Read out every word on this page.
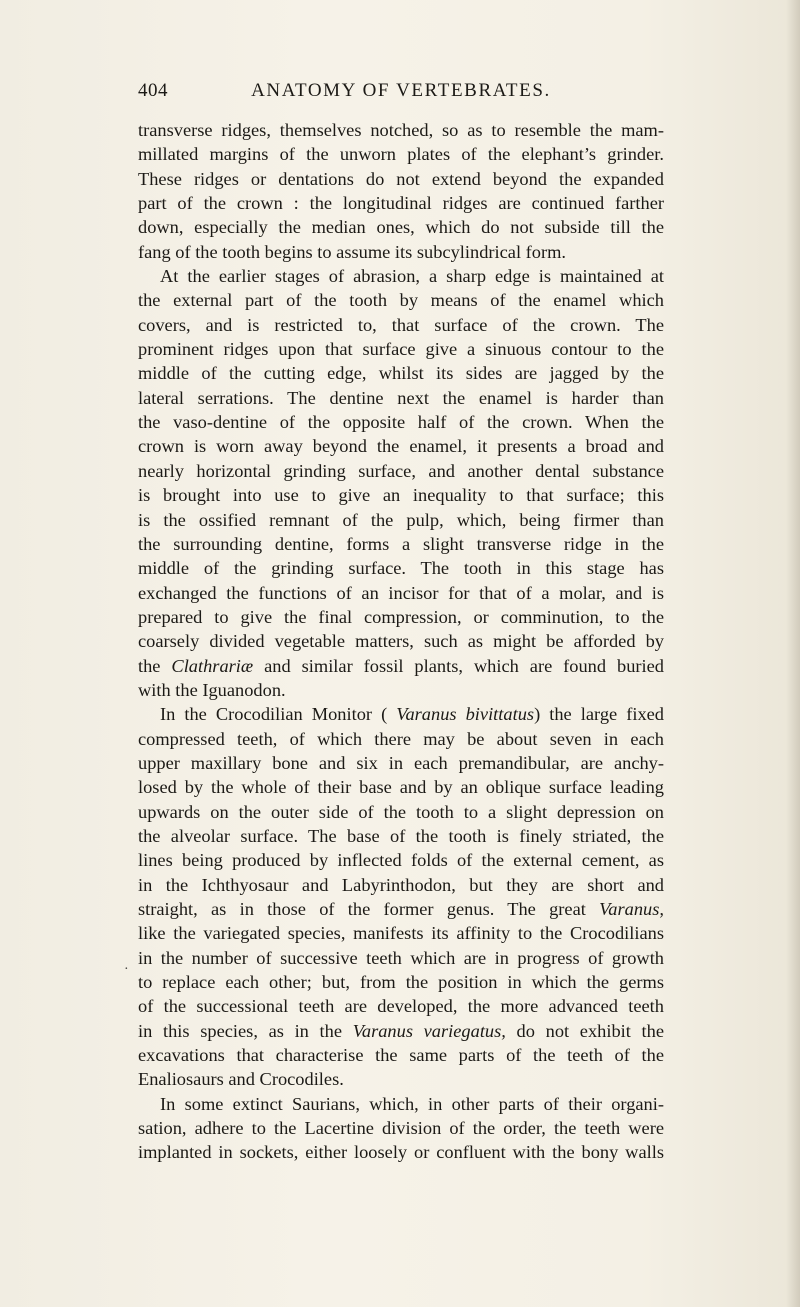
404	ANATOMY OF VERTEBRATES.
·
transverse ridges, themselves notched, so as to resemble the mam-
millated margins of the unworn plates of the elephant’s grinder.
These ridges or dentations do not extend beyond the expanded
part of the crown : the longitudinal ridges are continued farther
down, especially the median ones, which do not subside till the
fang of the tooth begins to assume its subcylindrical form.
At the earlier stages of abrasion, a sharp edge is maintained at
the external part of the tooth by means of the enamel which
covers, and is restricted to, that surface of the crown. The
prominent ridges upon that surface give a sinuous contour to the
middle of the cutting edge, whilst its sides are jagged by the
lateral serrations. The dentine next the enamel is harder than
the vaso-dentine of the opposite half of the crown. When the
crown is worn away beyond the enamel, it presents a broad and
nearly horizontal grinding surface, and another dental substance
is brought into use to give an inequality to that surface; this
is the ossified remnant of the pulp, which, being firmer than
the surrounding dentine, forms a slight transverse ridge in the
middle of the grinding surface. The tooth in this stage has
exchanged the functions of an incisor for that of a molar, and is
prepared to give the final compression, or comminution, to the
coarsely divided vegetable matters, such as might be afforded by
the Clathrariæ and similar fossil plants, which are found buried
with the Iguanodon.
In the Crocodilian Monitor ( Varanus bivittatus) the large fixed
compressed teeth, of which there may be about seven in each
upper maxillary bone and six in each premandibular, are anchy-
losed by the whole of their base and by an oblique surface leading
upwards on the outer side of the tooth to a slight depression on
the alveolar surface. The base of the tooth is finely striated, the
lines being produced by inflected folds of the external cement, as
in the Ichthyosaur and Labyrinthodon, but they are short and
straight, as in those of the former genus. The great Varanus,
like the variegated species, manifests its affinity to the Crocodilians
in the number of successive teeth which are in progress of growth
to replace each other; but, from the position in which the germs
of the successional teeth are developed, the more advanced teeth
in this species, as in the Varanus variegatus, do not exhibit the
excavations that characterise the same parts of the teeth of the
Enaliosaurs and Crocodiles.
In some extinct Saurians, which, in other parts of their organi-
sation, adhere to the Lacertine division of the order, the teeth were
implanted in sockets, either loosely or confluent with the bony walls
